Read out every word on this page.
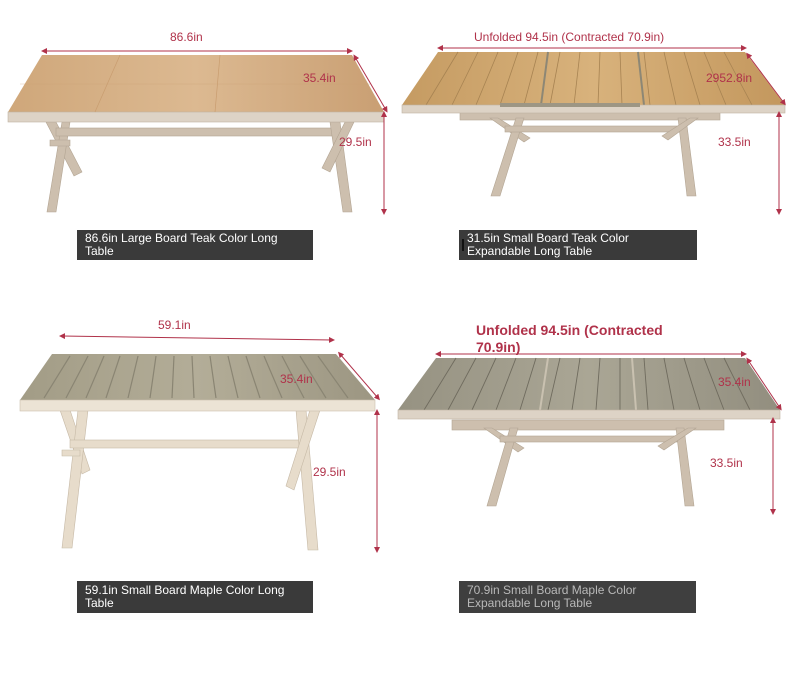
86.6in
35.4in
29.5in
Unfolded 94.5in (Contracted 70.9in)
2952.8in
33.5in
59.1in
35.4in
29.5in
Unfolded 94.5in (Contracted 70.9in)
35.4in
33.5in
86.6in Large Board Teak Color Long Table
31.5in Small Board Teak Color Expandable Long Table
59.1in Small Board Maple Color Long Table
70.9in Small Board Maple Color Expandable Long Table
